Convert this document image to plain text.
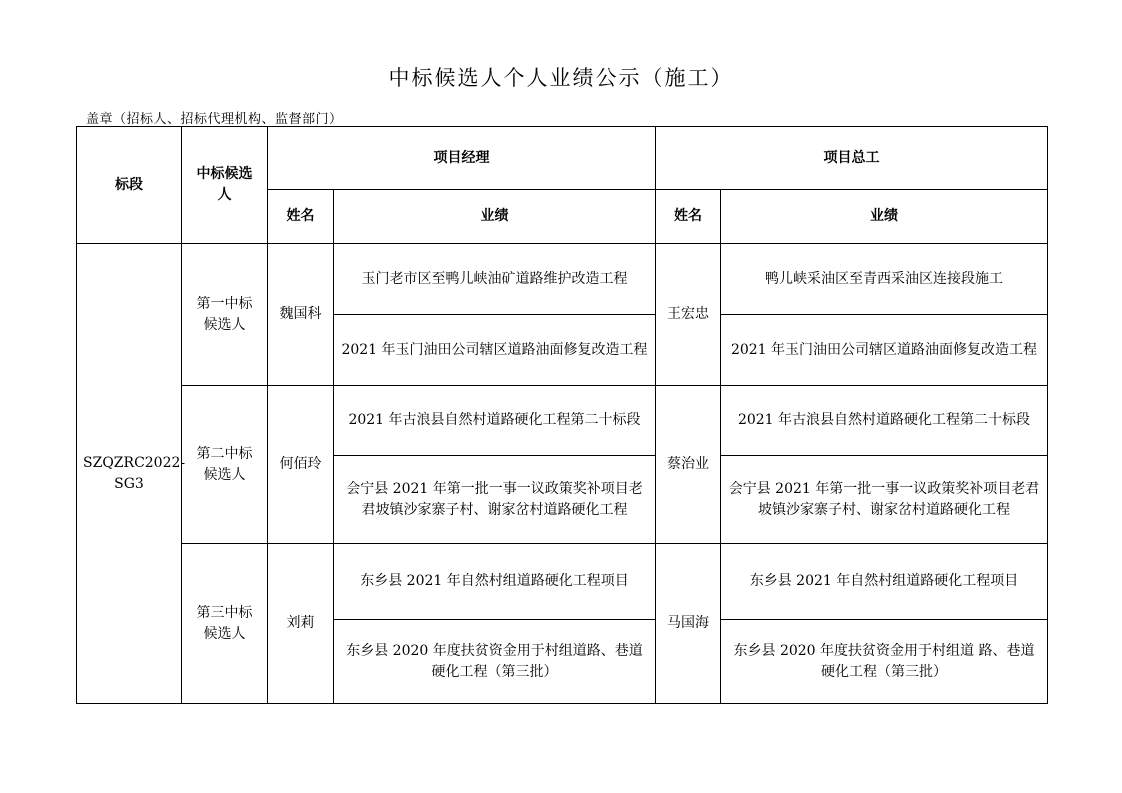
中标候选人个人业绩公示（施工）
盖章（招标人、招标代理机构、监督部门）
标段	中标候选人	项目经理		项目总工	
		姓名	业绩	姓名	业绩
SZQZRC2022-SG3	第一中标候选人	魏国科	玉门老市区至鸭儿峡油矿道路维护改造工程	王宏忠	鸭儿峡采油区至青西采油区连接段施工
			2021 年玉门油田公司辖区道路油面修复改造工程		2021 年玉门油田公司辖区道路油面修复改造工程
	第二中标候选人	何佰玲	2021 年古浪县自然村道路硬化工程第二十标段	蔡治业	2021 年古浪县自然村道路硬化工程第二十标段
			会宁县 2021 年第一批一事一议政策奖补项目老君坡镇沙家寨子村、谢家岔村道路硬化工程		会宁县 2021 年第一批一事一议政策奖补项目老君坡镇沙家寨子村、谢家岔村道路硬化工程
	第三中标候选人	刘莉	东乡县 2021 年自然村组道路硬化工程项目	马国海	东乡县 2021 年自然村组道路硬化工程项目
			东乡县 2020 年度扶贫资金用于村组道路、巷道硬化工程（第三批）		东乡县 2020 年度扶贫资金用于村组道 路、巷道硬化工程（第三批）
